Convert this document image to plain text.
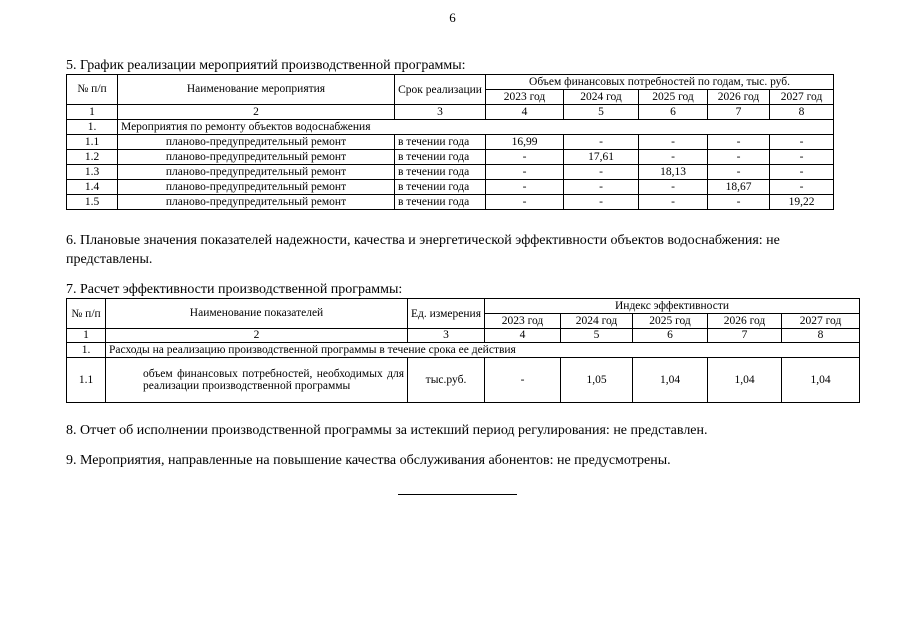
6
5. График реализации мероприятий производственной программы:
№ п/п	Наименование мероприятия	Срок реализации	Объем финансовых потребностей по годам, тыс. руб.				
			2023 год	2024 год	2025 год	2026 год	2027 год
1	2	3	4	5	6	7	8
1.	Мероприятия по ремонту объектов водоснабжения						
1.1	планово-предупредительный ремонт	в течении года	16,99	-	-	-	-
1.2	планово-предупредительный ремонт	в течении года	-	17,61	-	-	-
1.3	планово-предупредительный ремонт	в течении года	-	-	18,13	-	-
1.4	планово-предупредительный ремонт	в течении года	-	-	-	18,67	-
1.5	планово-предупредительный ремонт	в течении года	-	-	-	-	19,22
6. Плановые значения показателей надежности, качества и энергетической эффективности объектов водоснабжения: не представлены.
7. Расчет эффективности производственной программы:
№ п/п	Наименование показателей	Ед. измерения	Индекс эффективности				
			2023 год	2024 год	2025 год	2026 год	2027 год
1	2	3	4	5	6	7	8
1.	Расходы на реализацию производственной программы в течение срока ее действия						
1.1	объем финансовых потребностей, необходимых для реализации производственной программы	тыс.руб.	-	1,05	1,04	1,04	1,04
8. Отчет об исполнении производственной программы за истекший период регулирования: не представлен.
9. Мероприятия, направленные на повышение качества обслуживания абонентов: не предусмотрены.
